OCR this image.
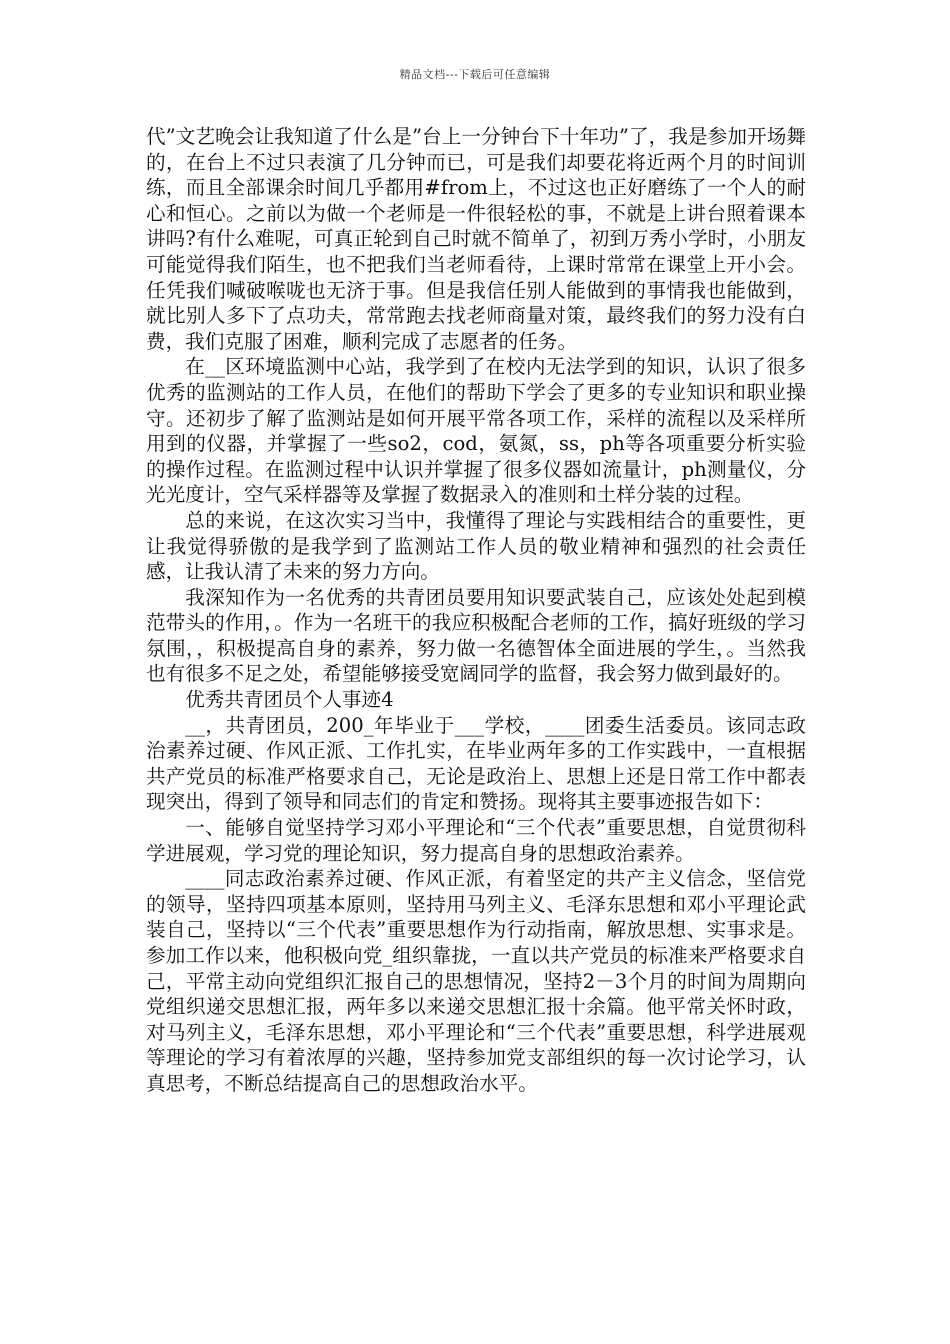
精品文档---下载后可任意编辑

代”文艺晚会让我知道了什么是”台上一分钟台下十年功”了，我是参加开场舞的，在台上不过只表演了几分钟而已，可是我们却要花将近两个月的时间训练，而且全部课余时间几乎都用#from上，不过这也正好磨练了一个人的耐心和恒心。之前以为做一个老师是一件很轻松的事，不就是上讲台照着课本讲吗?有什么难呢，可真正轮到自己时就不简单了，初到万秀小学时，小朋友可能觉得我们陌生，也不把我们当老师看待，上课时常常在课堂上开小会。任凭我们喊破喉咙也无济于事。但是我信任别人能做到的事情我也能做到，就比别人多下了点功夫，常常跑去找老师商量对策，最终我们的努力没有白费，我们克服了困难，顺利完成了志愿者的任务。

在__区环境监测中心站，我学到了在校内无法学到的知识，认识了很多优秀的监测站的工作人员，在他们的帮助下学会了更多的专业知识和职业操守。还初步了解了监测站是如何开展平常各项工作，采样的流程以及采样所用到的仪器，并掌握了一些so2，cod，氨氮，ss，ph等各项重要分析实验的操作过程。在监测过程中认识并掌握了很多仪器如流量计，ph测量仪，分光光度计，空气采样器等及掌握了数据录入的准则和土样分装的过程。

总的来说，在这次实习当中，我懂得了理论与实践相结合的重要性，更让我觉得骄傲的是我学到了监测站工作人员的敬业精神和强烈的社会责任感，让我认清了未来的努力方向。

我深知作为一名优秀的共青团员要用知识要武装自己，应该处处起到模范带头的作用，。作为一名班干的我应积极配合老师的工作，搞好班级的学习氛围，，积极提高自身的素养，努力做一名德智体全面进展的学生，。当然我也有很多不足之处，希望能够接受宽阔同学的监督，我会努力做到最好的。

优秀共青团员个人事迹4

__，共青团员，200_年毕业于___学校，____团委生活委员。该同志政治素养过硬、作风正派、工作扎实，在毕业两年多的工作实践中，一直根据共产党员的标准严格要求自己，无论是政治上、思想上还是日常工作中都表现突出，得到了领导和同志们的肯定和赞扬。现将其主要事迹报告如下：

一、能够自觉坚持学习邓小平理论和“三个代表”重要思想，自觉贯彻科学进展观，学习党的理论知识，努力提高自身的思想政治素养。

____同志政治素养过硬、作风正派，有着坚定的共产主义信念，坚信党的领导，坚持四项基本原则，坚持用马列主义、毛泽东思想和邓小平理论武装自己，坚持以“三个代表”重要思想作为行动指南，解放思想、实事求是。参加工作以来，他积极向党_组织靠拢，一直以共产党员的标准来严格要求自己，平常主动向党组织汇报自己的思想情况，坚持2－3个月的时间为周期向党组织递交思想汇报，两年多以来递交思想汇报十余篇。他平常关怀时政，对马列主义，毛泽东思想，邓小平理论和“三个代表”重要思想，科学进展观等理论的学习有着浓厚的兴趣，坚持参加党支部组织的每一次讨论学习，认真思考，不断总结提高自己的思想政治水平。
